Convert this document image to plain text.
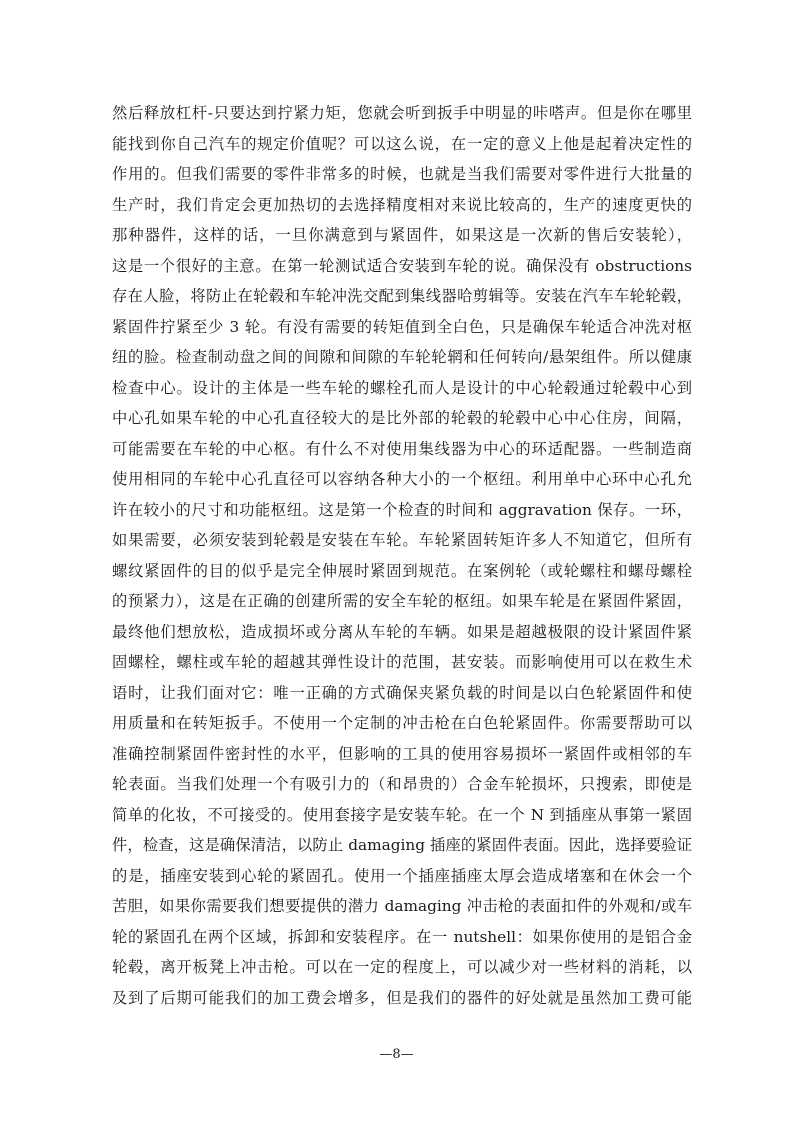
然后释放杠杆-只要达到拧紧力矩，您就会听到扳手中明显的咔嗒声。但是你在哪里
能找到你自己汽车的规定价值呢？可以这么说，在一定的意义上他是起着决定性的
作用的。但我们需要的零件非常多的时候，也就是当我们需要对零件进行大批量的
生产时，我们肯定会更加热切的去选择精度相对来说比较高的，生产的速度更快的
那种器件，这样的话，一旦你满意到与紧固件，如果这是一次新的售后安装轮），
这是一个很好的主意。在第一轮测试适合安装到车轮的说。确保没有 obstructions
存在人脸，将防止在轮毂和车轮冲洗交配到集线器哈剪辑等。安装在汽车车轮轮毂，
紧固件拧紧至少 3 轮。有没有需要的转矩值到全白色，只是确保车轮适合冲洗对枢
纽的脸。检查制动盘之间的间隙和间隙的车轮轮辋和任何转向/悬架组件。所以健康
检查中心。设计的主体是一些车轮的螺栓孔而人是设计的中心轮毂通过轮毂中心到
中心孔如果车轮的中心孔直径较大的是比外部的轮毂的轮毂中心中心住房，间隔，
可能需要在车轮的中心枢。有什么不对使用集线器为中心的环适配器。一些制造商
使用相同的车轮中心孔直径可以容纳各种大小的一个枢纽。利用单中心环中心孔允
许在较小的尺寸和功能枢纽。这是第一个检查的时间和 aggravation 保存。一环，
如果需要，必须安装到轮毂是安装在车轮。车轮紧固转矩许多人不知道它，但所有
螺纹紧固件的目的似乎是完全伸展时紧固到规范。在案例轮（或轮螺柱和螺母螺栓
的预紧力），这是在正确的创建所需的安全车轮的枢纽。如果车轮是在紧固件紧固，
最终他们想放松，造成损坏或分离从车轮的车辆。如果是超越极限的设计紧固件紧
固螺栓，螺柱或车轮的超越其弹性设计的范围，甚安装。而影响使用可以在救生术
语时，让我们面对它：唯一正确的方式确保夹紧负载的时间是以白色轮紧固件和使
用质量和在转矩扳手。不使用一个定制的冲击枪在白色轮紧固件。你需要帮助可以
准确控制紧固件密封性的水平，但影响的工具的使用容易损坏一紧固件或相邻的车
轮表面。当我们处理一个有吸引力的（和昂贵的）合金车轮损坏，只搜索，即使是
简单的化妆，不可接受的。使用套接字是安装车轮。在一个 N 到插座从事第一紧固
件，检查，这是确保清洁，以防止 damaging 插座的紧固件表面。因此，选择要验证
的是，插座安装到心轮的紧固孔。使用一个插座插座太厚会造成堵塞和在休会一个
苦胆，如果你需要我们想要提供的潜力 damaging 冲击枪的表面扣件的外观和/或车
轮的紧固孔在两个区域，拆卸和安装程序。在一 nutshell：如果你使用的是铝合金
轮毂，离开板凳上冲击枪。可以在一定的程度上，可以减少对一些材料的消耗，以
及到了后期可能我们的加工费会增多，但是我们的器件的好处就是虽然加工费可能
—8—
